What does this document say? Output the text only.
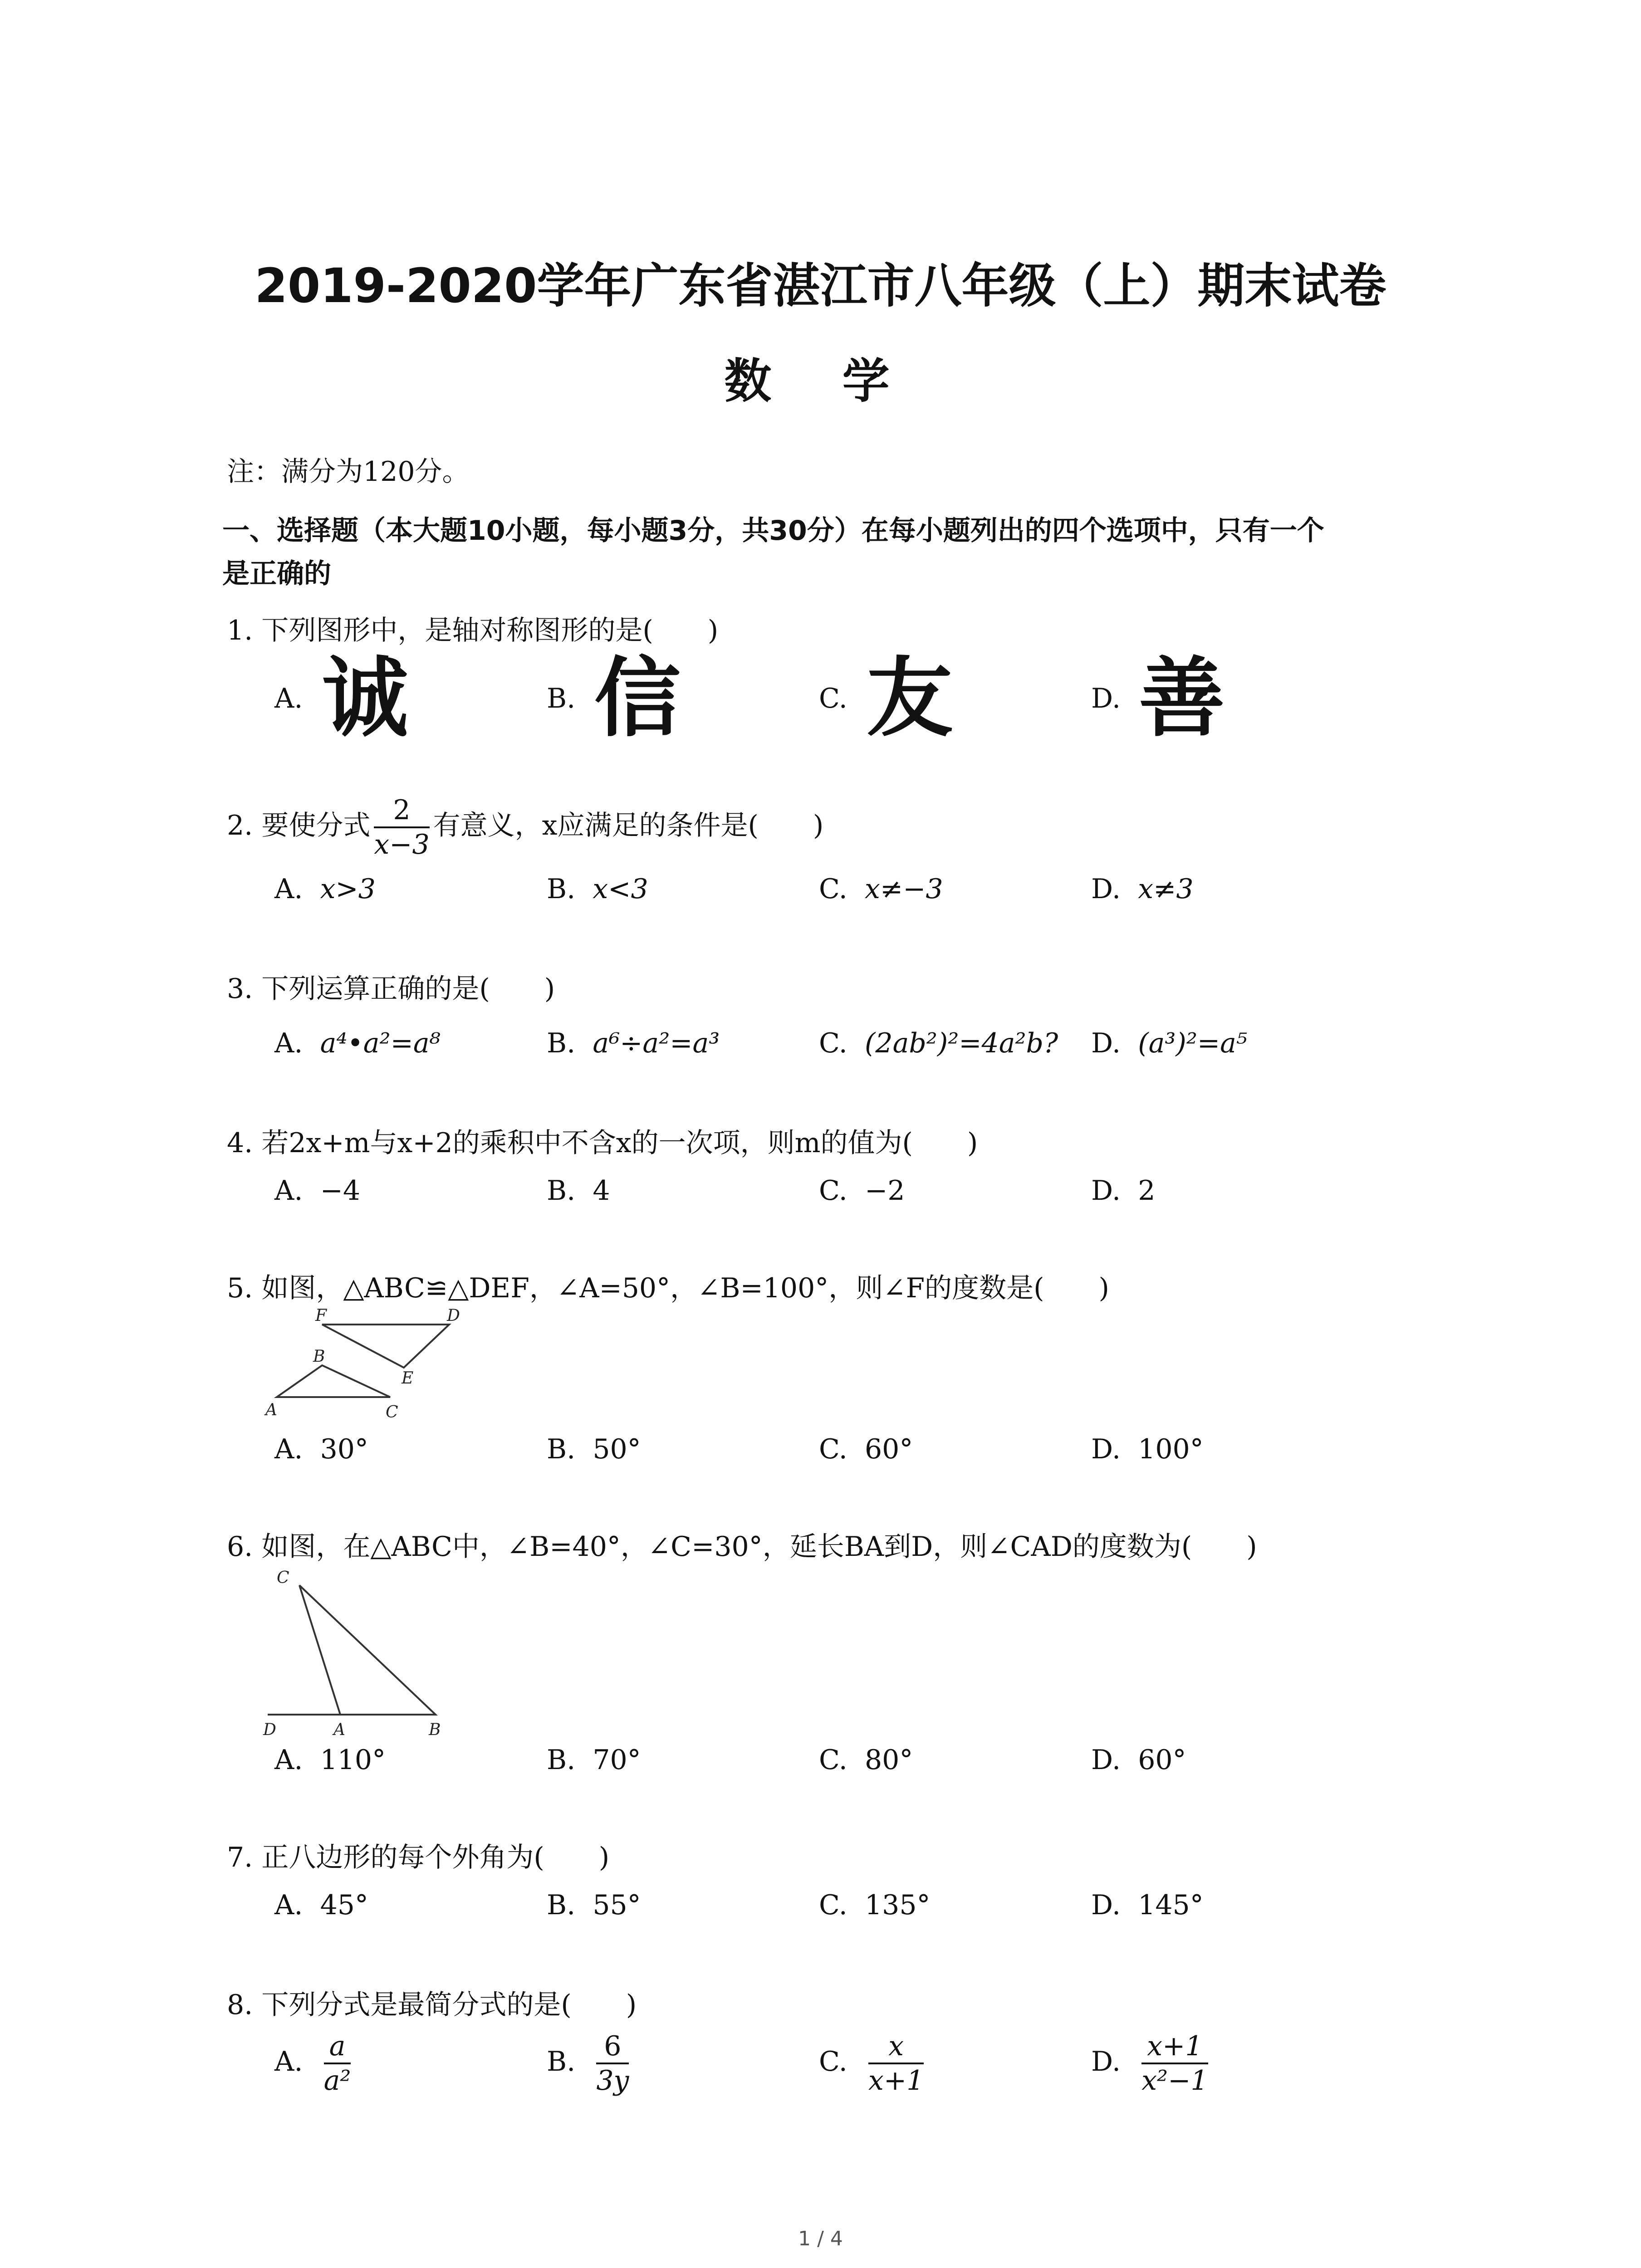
2019-2020学年广东省湛江市八年级（上）期末试卷
数 学
注：满分为120分。
一、选择题（本大题10小题，每小题3分，共30分）在每小题列出的四个选项中，只有一个
是正确的
1. 下列图形中，是轴对称图形的是(　　)
A. 诚	B. 信	C. 友	D. 善
2. 要使分式 $\frac{2}{x-3}$ 有意义，x应满足的条件是(　　)
A. x>3	B. x<3	C. x≠−3	D. x≠3
3. 下列运算正确的是(　　)
A. a⁴•a²=a⁸	B. a⁶÷a²=a³	C. (2ab²)²=4a²b? D. (a³)²=a⁵
4. 若2x+m与x+2的乘积中不含x的一次项，则m的值为(　　)
A. −4	B. 4	C. −2	D. 2
5. 如图，△ABC≌△DEF，∠A=50°，∠B=100°，则∠F的度数是(　　)
F	D
B
E
A	C
A. 30°	B. 50°	C. 60°	D. 100°
6. 如图，在△ABC中，∠B=40°，∠C=30°，延长BA到D，则∠CAD的度数为(　　)
C
D	A	B
A. 110°	B. 70°	C. 80°	D. 60°
7. 正八边形的每个外角为(　　)
A. 45°	B. 55°	C. 135°	D. 145°
8. 下列分式是最简分式的是(　　)
A. $\frac{a}{\text{a²}}$	B. $\frac{6}{3y}$	C. $\frac{x}{x+1}$	D. $\frac{x+1}{\text{x²−1}}$
1 / 4
